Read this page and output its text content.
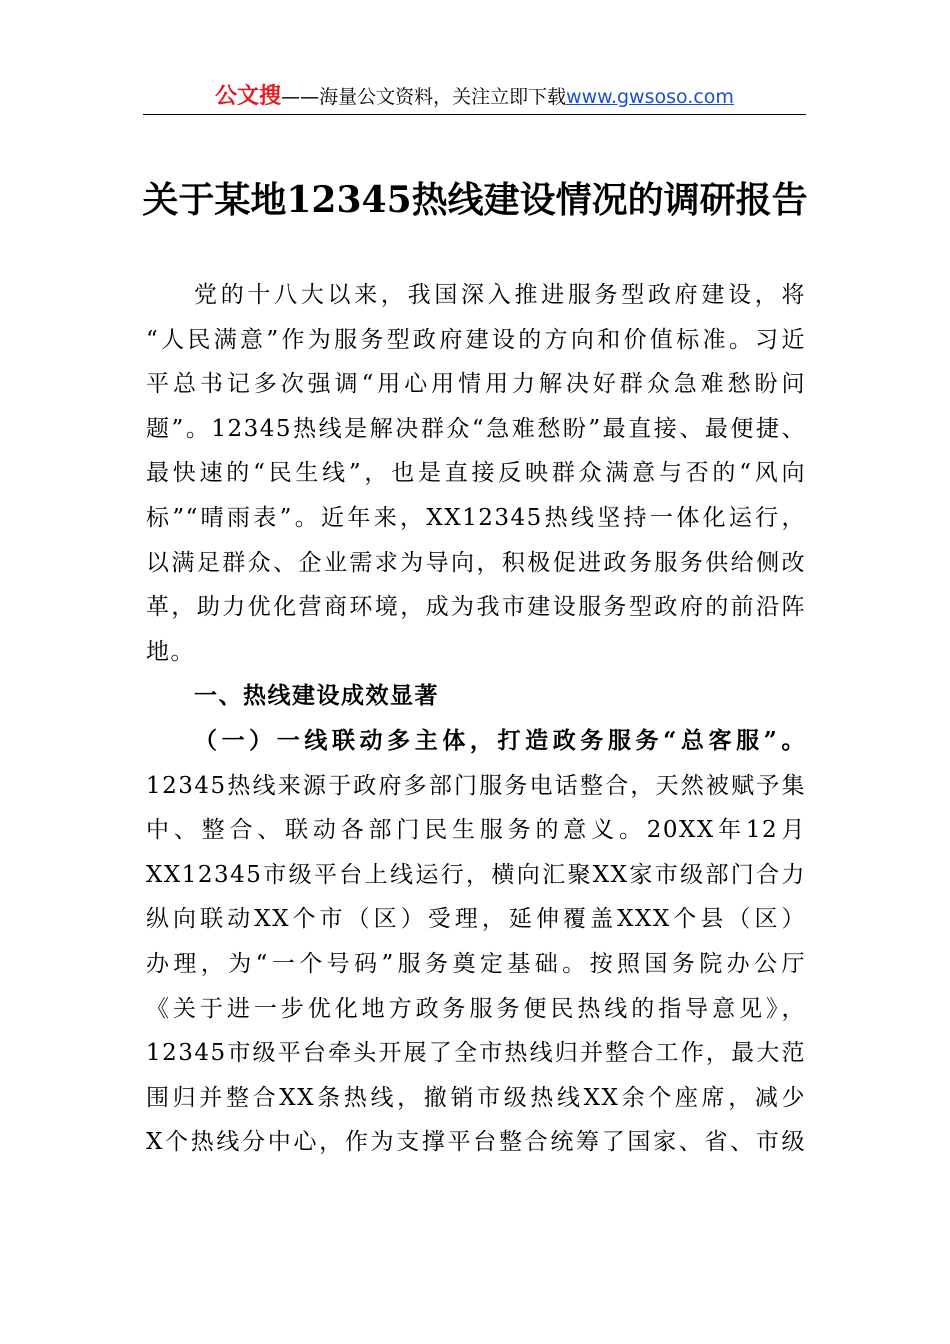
公文搜——海量公文资料，关注立即下载www.gwsoso.com
关于某地12345热线建设情况的调研报告
党的十八大以来，我国深入推进服务型政府建设，将
“人民满意”作为服务型政府建设的方向和价值标准。习近
平总书记多次强调“用心用情用力解决好群众急难愁盼问
题”。12345热线是解决群众“急难愁盼”最直接、最便捷、
最快速的“民生线”，也是直接反映群众满意与否的“风向
标”“晴雨表”。近年来，XX12345热线坚持一体化运行，
以满足群众、企业需求为导向，积极促进政务服务供给侧改
革，助力优化营商环境，成为我市建设服务型政府的前沿阵
地。
一、热线建设成效显著
（一）一线联动多主体，打造政务服务“总客服”。
12345热线来源于政府多部门服务电话整合，天然被赋予集
中、整合、联动各部门民生服务的意义。20XX年12月
XX12345市级平台上线运行，横向汇聚XX家市级部门合力
纵向联动XX个市（区）受理，延伸覆盖XXX个县（区）
办理，为“一个号码”服务奠定基础。按照国务院办公厅
《关于进一步优化地方政务服务便民热线的指导意见》，
12345市级平台牵头开展了全市热线归并整合工作，最大范
围归并整合XX条热线，撤销市级热线XX余个座席，减少
X个热线分中心，作为支撑平台整合统筹了国家、省、市级
